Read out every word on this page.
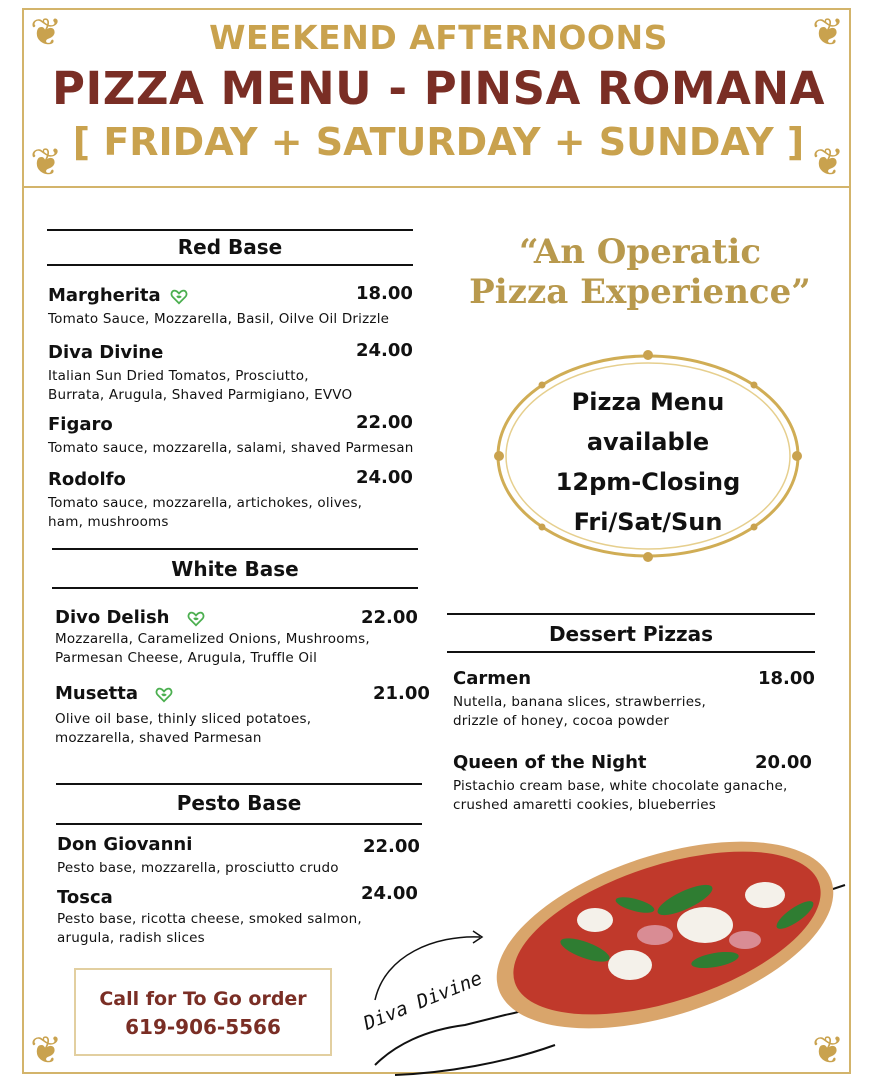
❦	❦
❦	❦
❦	❦
WEEKEND AFTERNOONS
PIZZA MENU - PINSA ROMANA
[ FRIDAY + SATURDAY + SUNDAY ]
Red Base
Margherita	18.00
Tomato Sauce, Mozzarella, Basil, Oilve Oil Drizzle
Diva Divine	24.00
Italian Sun Dried Tomatos, Prosciutto,
Burrata, Arugula, Shaved Parmigiano, EVVO
Figaro	22.00
Tomato sauce, mozzarella, salami, shaved Parmesan
Rodolfo	24.00
Tomato sauce, mozzarella, artichokes, olives,
ham, mushrooms
White Base
Divo Delish	22.00
Mozzarella, Caramelized Onions, Mushrooms,
Parmesan Cheese, Arugula, Truffle Oil
Musetta	21.00
Olive oil base, thinly sliced potatoes,
mozzarella, shaved Parmesan
Pesto Base
Don Giovanni	22.00
Pesto base, mozzarella, prosciutto crudo
Tosca	24.00
Pesto base, ricotta cheese, smoked salmon,
arugula, radish slices
Call for To Go order
619-906-5566
“An Operatic
Pizza Experience”
Pizza Menu
available
12pm-Closing
Fri/Sat/Sun
Dessert Pizzas
Carmen	18.00
Nutella, banana slices, strawberries,
drizzle of honey, cocoa powder
Queen of the Night	20.00
Pistachio cream base, white chocolate ganache,
crushed amaretti cookies, blueberries
Diva Divine
